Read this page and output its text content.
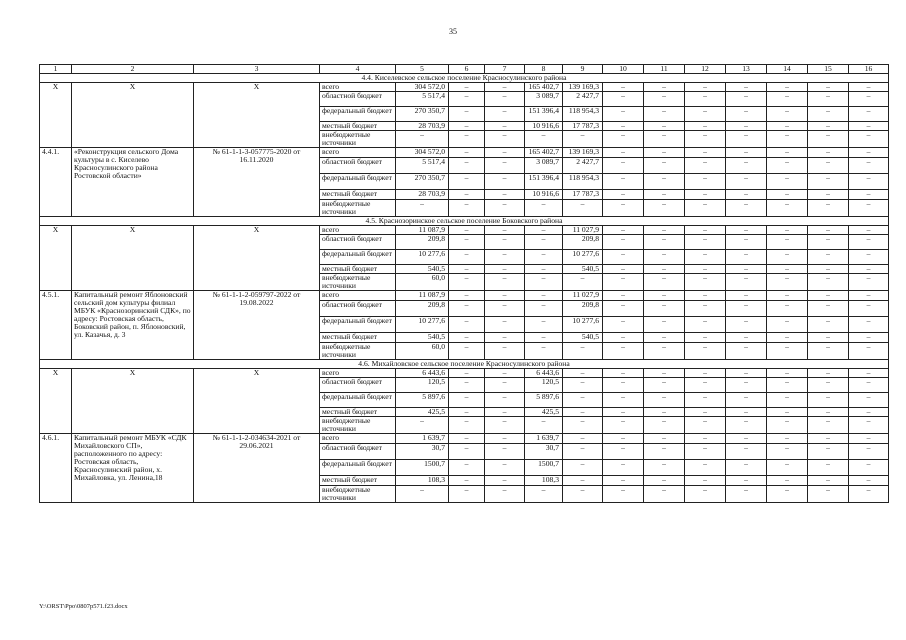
35
1	2	3	4	5	6	7	8	9	10	11	12	13	14	15	16
4.4. Киселевское сельское поселение Красносулинского района															
X	X	X	всего	304 572,0	–	–	165 402,7	139 169,3	–	–	–	–	–	–	–
			областной бюджет	5 517,4	–	–	3 089,7	2 427,7	–	–	–	–	–	–	–
			федеральный бюджет	270 350,7	–	–	151 396,4	118 954,3	–	–	–	–	–	–	–
			местный бюджет	28 703,9	–	–	10 916,6	17 787,3	–	–	–	–	–	–	–
			внебюджетные источники	–	–	–	–	–	–	–	–	–	–	–	–
4.4.1.	«Реконструкция сельского Дома культуры в с. Киселево Красносулинского района Ростовской области»	№ 61-1-1-3-057775-2020 от 16.11.2020	всего	304 572,0	–	–	165 402,7	139 169,3	–	–	–	–	–	–	–
			областной бюджет	5 517,4	–	–	3 089,7	2 427,7	–	–	–	–	–	–	–
			федеральный бюджет	270 350,7	–	–	151 396,4	118 954,3	–	–	–	–	–	–	–
			местный бюджет	28 703,9	–	–	10 916,6	17 787,3	–	–	–	–	–	–	–
			внебюджетные источники	–	–	–	–	–	–	–	–	–	–	–	–
4.5. Краснозоринское сельское поселение Боковского района															
X	X	X	всего	11 087,9	–	–	–	11 027,9	–	–	–	–	–	–	–
			областной бюджет	209,8	–	–	–	209,8	–	–	–	–	–	–	–
			федеральный бюджет	10 277,6	–	–	–	10 277,6	–	–	–	–	–	–	–
			местный бюджет	540,5	–	–	–	540,5	–	–	–	–	–	–	–
			внебюджетные источники	60,0	–	–	–	–	–	–	–	–	–	–	–
4.5.1.	Капитальный ремонт Яблоновский сельский дом культуры филиал МБУК «Краснозоринский СДК», по адресу: Ростовская область, Боковский район, п. Яблоновский, ул. Казачья, д. 3	№ 61-1-1-2-059797-2022 от 19.08.2022	всего	11 087,9	–	–	–	11 027,9	–	–	–	–	–	–	–
			областной бюджет	209,8	–	–	–	209,8	–	–	–	–	–	–	–
			федеральный бюджет	10 277,6	–	–	–	10 277,6	–	–	–	–	–	–	–
			местный бюджет	540,5	–	–	–	540,5	–	–	–	–	–	–	–
			внебюджетные источники	60,0	–	–	–	–	–	–	–	–	–	–	–
4.6. Михайловское сельское поселение Красносулинского района															
X	X	X	всего	6 443,6	–	–	6 443,6	–	–	–	–	–	–	–	–
			областной бюджет	120,5	–	–	120,5	–	–	–	–	–	–	–	–
			федеральный бюджет	5 897,6	–	–	5 897,6	–	–	–	–	–	–	–	–
			местный бюджет	425,5	–	–	425,5	–	–	–	–	–	–	–	–
			внебюджетные источники	–	–	–	–	–	–	–	–	–	–	–	–
4.6.1.	Капитальный ремонт МБУК «СДК Михайловского СП», расположенного по адресу: Ростовская область, Красносулинский район, х. Михайловка, ул. Ленина,18	№ 61-1-1-2-034634-2021 от 29.06.2021	всего	1 639,7	–	–	1 639,7	–	–	–	–	–	–	–	–
			областной бюджет	30,7	–	–	30,7	–	–	–	–	–	–	–	–
			федеральный бюджет	1500,7	–	–	1500,7	–	–	–	–	–	–	–	–
			местный бюджет	108,3	–	–	108,3	–	–	–	–	–	–	–	–
			внебюджетные источники	–	–	–	–	–	–	–	–	–	–	–	–
Y:\ORST\Ppo\0807p571.f23.docx
